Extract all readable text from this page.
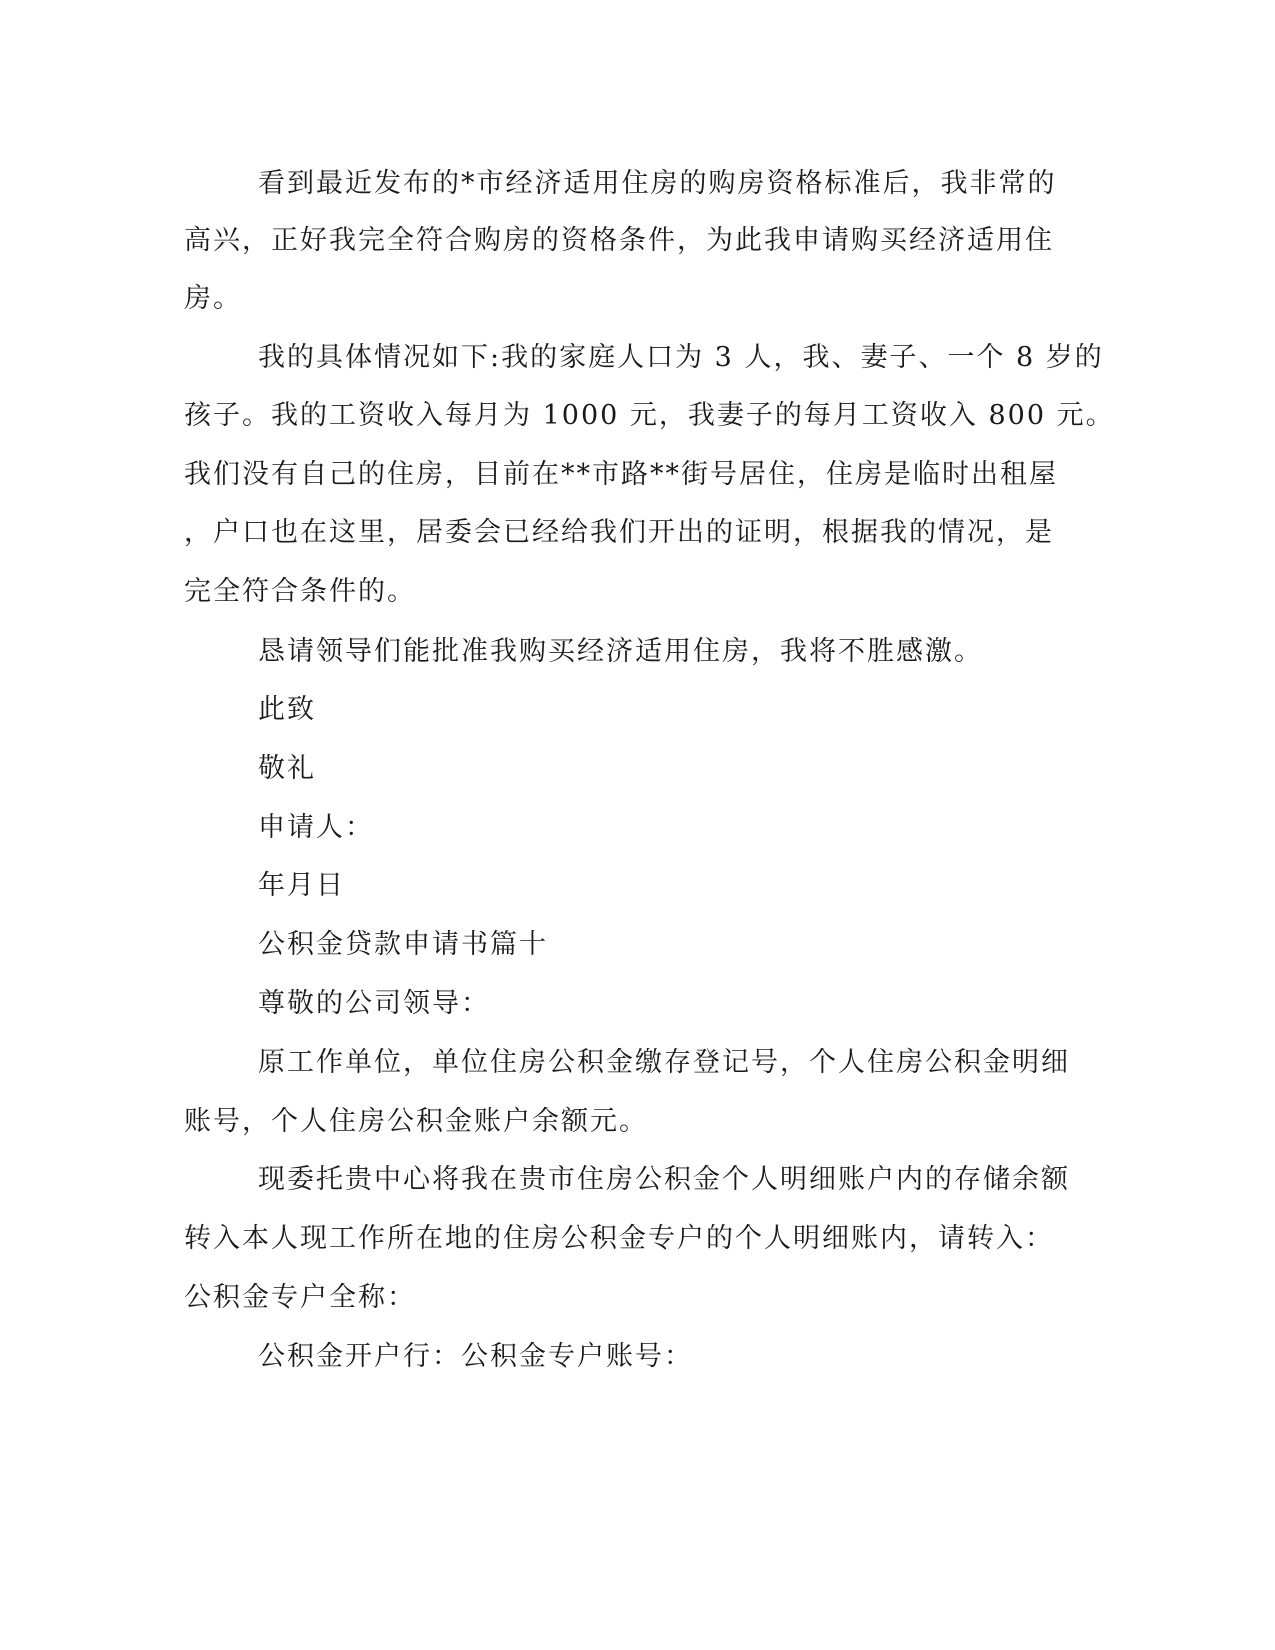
看到最近发布的*市经济适用住房的购房资格标准后，我非常的
高兴，正好我完全符合购房的资格条件，为此我申请购买经济适用住
房。
我的具体情况如下:我的家庭人口为 3 人，我、妻子、一个 8 岁的
孩子。我的工资收入每月为 1000 元，我妻子的每月工资收入 800 元。
我们没有自己的住房，目前在**市路**街号居住，住房是临时出租屋
，户口也在这里，居委会已经给我们开出的证明，根据我的情况，是
完全符合条件的。
恳请领导们能批准我购买经济适用住房，我将不胜感激。
此致
敬礼
申请人：
年月日
公积金贷款申请书篇十
尊敬的公司领导：
原工作单位，单位住房公积金缴存登记号，个人住房公积金明细
账号，个人住房公积金账户余额元。
现委托贵中心将我在贵市住房公积金个人明细账户内的存储余额
转入本人现工作所在地的住房公积金专户的个人明细账内，请转入：
公积金专户全称：
公积金开户行：公积金专户账号：
